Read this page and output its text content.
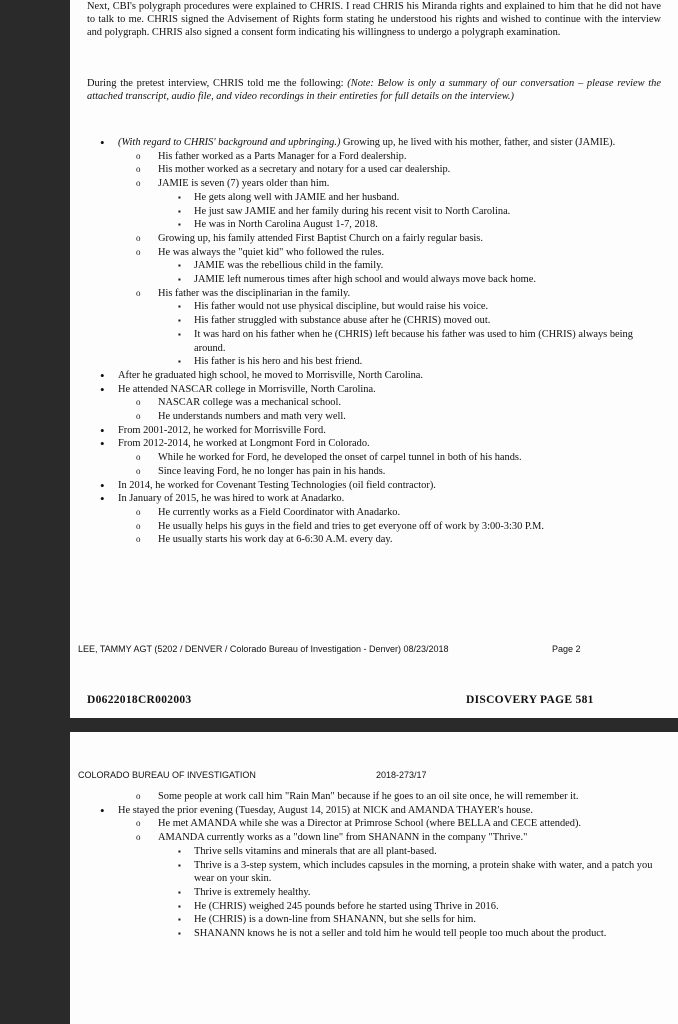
Next, CBI's polygraph procedures were explained to CHRIS. I read CHRIS his Miranda rights and explained to him that he did not have to talk to me. CHRIS signed the Advisement of Rights form stating he understood his rights and wished to continue with the interview and polygraph. CHRIS also signed a consent form indicating his willingness to undergo a polygraph examination.

During the pretest interview, CHRIS told me the following: (Note: Below is only a summary of our conversation – please review the attached transcript, audio file, and video recordings in their entireties for full details on the interview.)

• (With regard to CHRIS' background and upbringing.) Growing up, he lived with his mother, father, and sister (JAMIE).
o His father worked as a Parts Manager for a Ford dealership.
o His mother worked as a secretary and notary for a used car dealership.
o JAMIE is seven (7) years older than him.
▪ He gets along well with JAMIE and her husband.
▪ He just saw JAMIE and her family during his recent visit to North Carolina.
▪ He was in North Carolina August 1-7, 2018.
o Growing up, his family attended First Baptist Church on a fairly regular basis.
o He was always the "quiet kid" who followed the rules.
▪ JAMIE was the rebellious child in the family.
▪ JAMIE left numerous times after high school and would always move back home.
o His father was the disciplinarian in the family.
▪ His father would not use physical discipline, but would raise his voice.
▪ His father struggled with substance abuse after he (CHRIS) moved out.
▪ It was hard on his father when he (CHRIS) left because his father was used to him (CHRIS) always being around.
▪ His father is his hero and his best friend.
• After he graduated high school, he moved to Morrisville, North Carolina.
• He attended NASCAR college in Morrisville, North Carolina.
o NASCAR college was a mechanical school.
o He understands numbers and math very well.
• From 2001-2012, he worked for Morrisville Ford.
• From 2012-2014, he worked at Longmont Ford in Colorado.
o While he worked for Ford, he developed the onset of carpel tunnel in both of his hands.
o Since leaving Ford, he no longer has pain in his hands.
• In 2014, he worked for Covenant Testing Technologies (oil field contractor).
• In January of 2015, he was hired to work at Anadarko.
o He currently works as a Field Coordinator with Anadarko.
o He usually helps his guys in the field and tries to get everyone off of work by 3:00-3:30 P.M.
o He usually starts his work day at 6-6:30 A.M. every day.
LEE, TAMMY AGT (5202 / DENVER / Colorado Bureau of Investigation - Denver) 08/23/2018	Page 2
D0622018CR002003	DISCOVERY PAGE 581
COLORADO BUREAU OF INVESTIGATION	2018-273/17
o Some people at work call him "Rain Man" because if he goes to an oil site once, he will remember it.
• He stayed the prior evening (Tuesday, August 14, 2015) at NICK and AMANDA THAYER's house.
o He met AMANDA while she was a Director at Primrose School (where BELLA and CECE attended).
o AMANDA currently works as a "down line" from SHANANN in the company "Thrive."
▪ Thrive sells vitamins and minerals that are all plant-based.
▪ Thrive is a 3-step system, which includes capsules in the morning, a protein shake with water, and a patch you wear on your skin.
▪ Thrive is extremely healthy.
▪ He (CHRIS) weighed 245 pounds before he started using Thrive in 2016.
▪ He (CHRIS) is a down-line from SHANANN, but she sells for him.
▪ SHANANN knows he is not a seller and told him he would tell people too much about the product.
